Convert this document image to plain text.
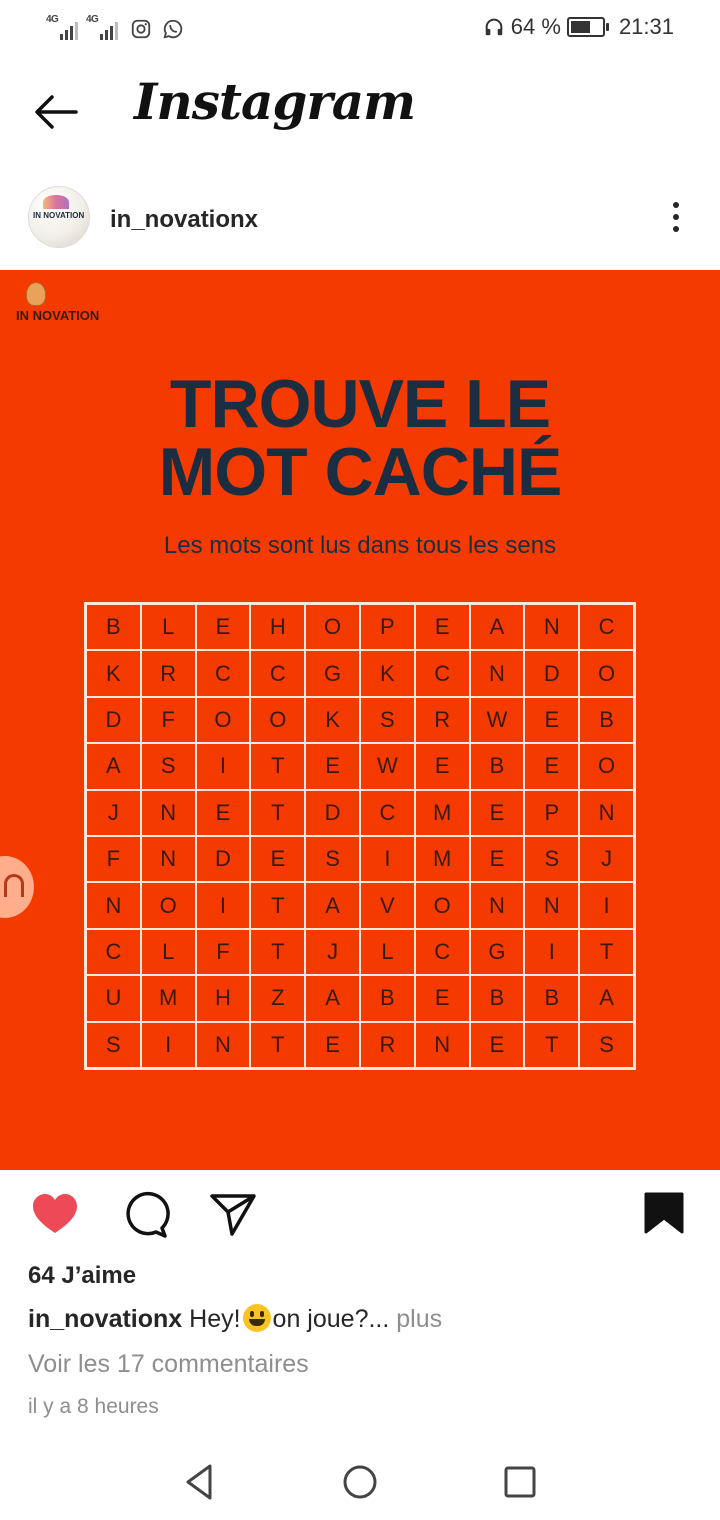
4G	4G	64 %	21:31
Instagram
IN NOVATION in_novationx
IN NOVATION
TROUVE LE
MOT CACHÉ
Les mots sont lus dans tous les sens
B	L	E	H	O	P	E	A	N	C
K	R	C	C	G	K	C	N	D	O
D	F	O	O	K	S	R	W	E	B
A	S	I	T	E	W	E	B	E	O
J	N	E	T	D	C	M	E	P	N
F	N	D	E	S	I	M	E	S	J
N	O	I	T	A	V	O	N	N	I
C	L	F	T	J	L	C	G	I	T
U	M	H	Z	A	B	E	B	B	A
S	I	N	T	E	R	N	E	T	S
64 J’aime
in_novationx Hey! on joue?... plus
Voir les 17 commentaires
il y a 8 heures
